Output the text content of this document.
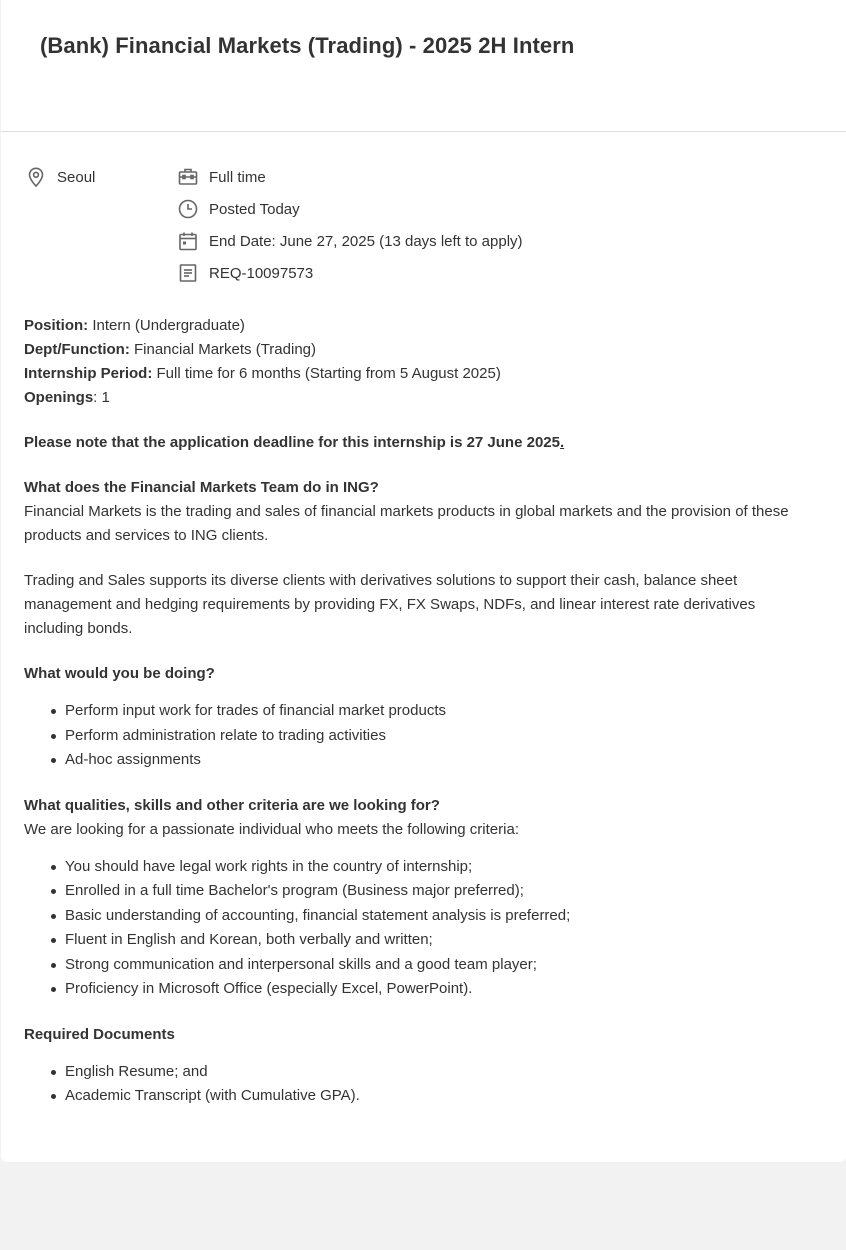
(Bank) Financial Markets (Trading) - 2025 2H Intern
Seoul	Full time
Posted Today
End Date: June 27, 2025 (13 days left to apply)
REQ-10097573

Position: Intern (Undergraduate)

Dept/Function: Financial Markets (Trading)

Internship Period: Full time for 6 months (Starting from 5 August 2025)

Openings: 1

Please note that the application deadline for this internship is 27 June 2025.

What does the Financial Markets Team do in ING?

Financial Markets is the trading and sales of financial markets products in global markets and the provision of these products and services to ING clients.

Trading and Sales supports its diverse clients with derivatives solutions to support their cash, balance sheet management and hedging requirements by providing FX, FX Swaps, NDFs, and linear interest rate derivatives including bonds.

What would you be doing?

Perform input work for trades of financial market products
Perform administration relate to trading activities
Ad-hoc assignments

What qualities, skills and other criteria are we looking for?

We are looking for a passionate individual who meets the following criteria:

You should have legal work rights in the country of internship;
Enrolled in a full time Bachelor's program (Business major preferred);
Basic understanding of accounting, financial statement analysis is preferred;
Fluent in English and Korean, both verbally and written;
Strong communication and interpersonal skills and a good team player;
Proficiency in Microsoft Office (especially Excel, PowerPoint).

Required Documents

English Resume; and
Academic Transcript (with Cumulative GPA).
